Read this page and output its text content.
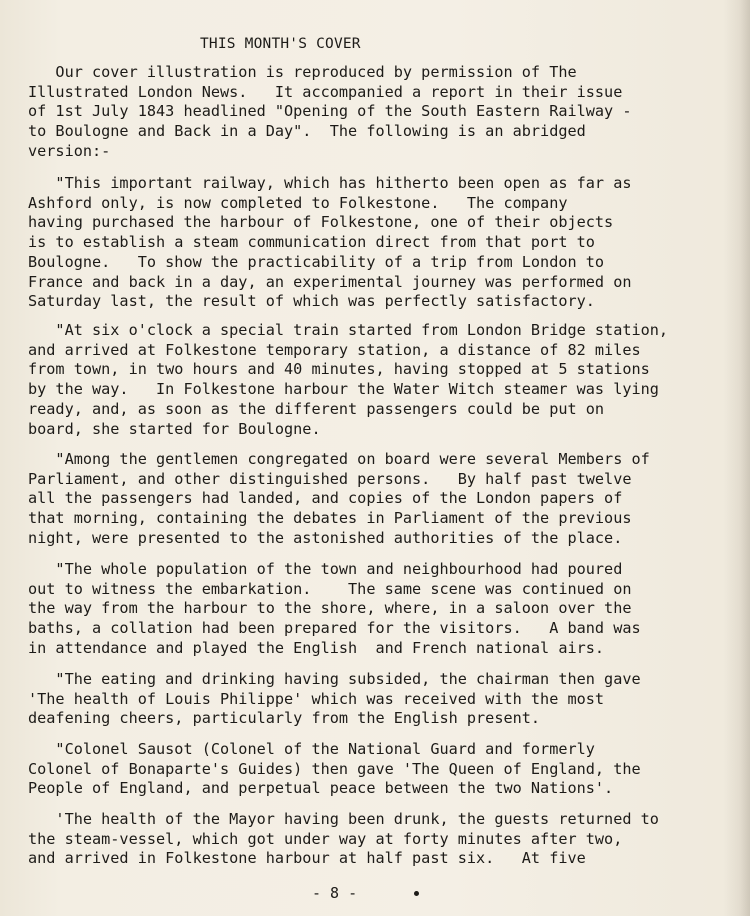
THIS MONTH'S COVER
Our cover illustration is reproduced by permission of The
Illustrated London News.   It accompanied a report in their issue
of 1st July 1843 headlined "Opening of the South Eastern Railway -
to Boulogne and Back in a Day".  The following is an abridged
version:-
"This important railway, which has hitherto been open as far as
Ashford only, is now completed to Folkestone.   The company
having purchased the harbour of Folkestone, one of their objects
is to establish a steam communication direct from that port to
Boulogne.   To show the practicability of a trip from London to
France and back in a day, an experimental journey was performed on
Saturday last, the result of which was perfectly satisfactory.
"At six o'clock a special train started from London Bridge station,
and arrived at Folkestone temporary station, a distance of 82 miles
from town, in two hours and 40 minutes, having stopped at 5 stations
by the way.   In Folkestone harbour the Water Witch steamer was lying
ready, and, as soon as the different passengers could be put on
board, she started for Boulogne.
"Among the gentlemen congregated on board were several Members of
Parliament, and other distinguished persons.   By half past twelve
all the passengers had landed, and copies of the London papers of
that morning, containing the debates in Parliament of the previous
night, were presented to the astonished authorities of the place.
"The whole population of the town and neighbourhood had poured
out to witness the embarkation.    The same scene was continued on
the way from the harbour to the shore, where, in a saloon over the
baths, a collation had been prepared for the visitors.   A band was
in attendance and played the English  and French national airs.
"The eating and drinking having subsided, the chairman then gave
'The health of Louis Philippe' which was received with the most
deafening cheers, particularly from the English present.
"Colonel Sausot (Colonel of the National Guard and formerly
Colonel of Bonaparte's Guides) then gave 'The Queen of England, the
People of England, and perpetual peace between the two Nations'.
'The health of the Mayor having been drunk, the guests returned to
the steam-vessel, which got under way at forty minutes after two,
and arrived in Folkestone harbour at half past six.   At five
- 8 -
